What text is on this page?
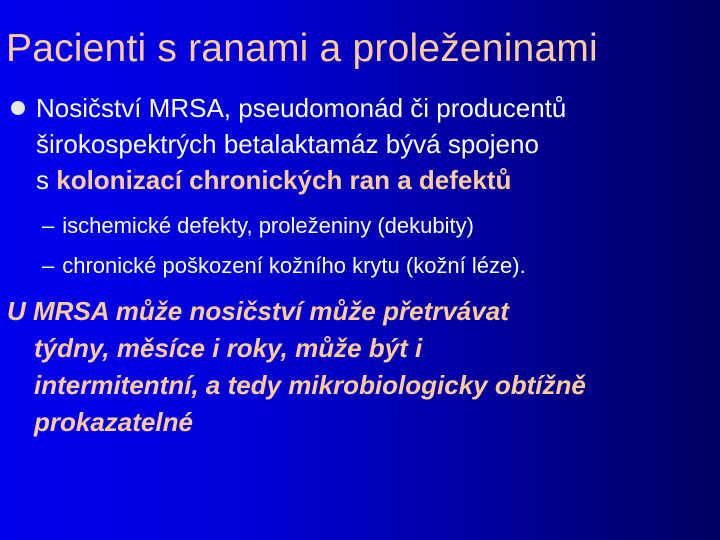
Pacienti s ranami a proleženinami
Nosičství MRSA, pseudomonád či producentů
širokospektrých betalaktamáz bývá spojeno
s kolonizací chronických ran a defektů
– ischemické defekty, proleženiny (dekubity)
– chronické poškození kožního krytu (kožní léze).
U MRSA může nosičství může přetrvávat
týdny, měsíce i roky, může být i
intermitentní, a tedy mikrobiologicky obtížně
prokazatelné
